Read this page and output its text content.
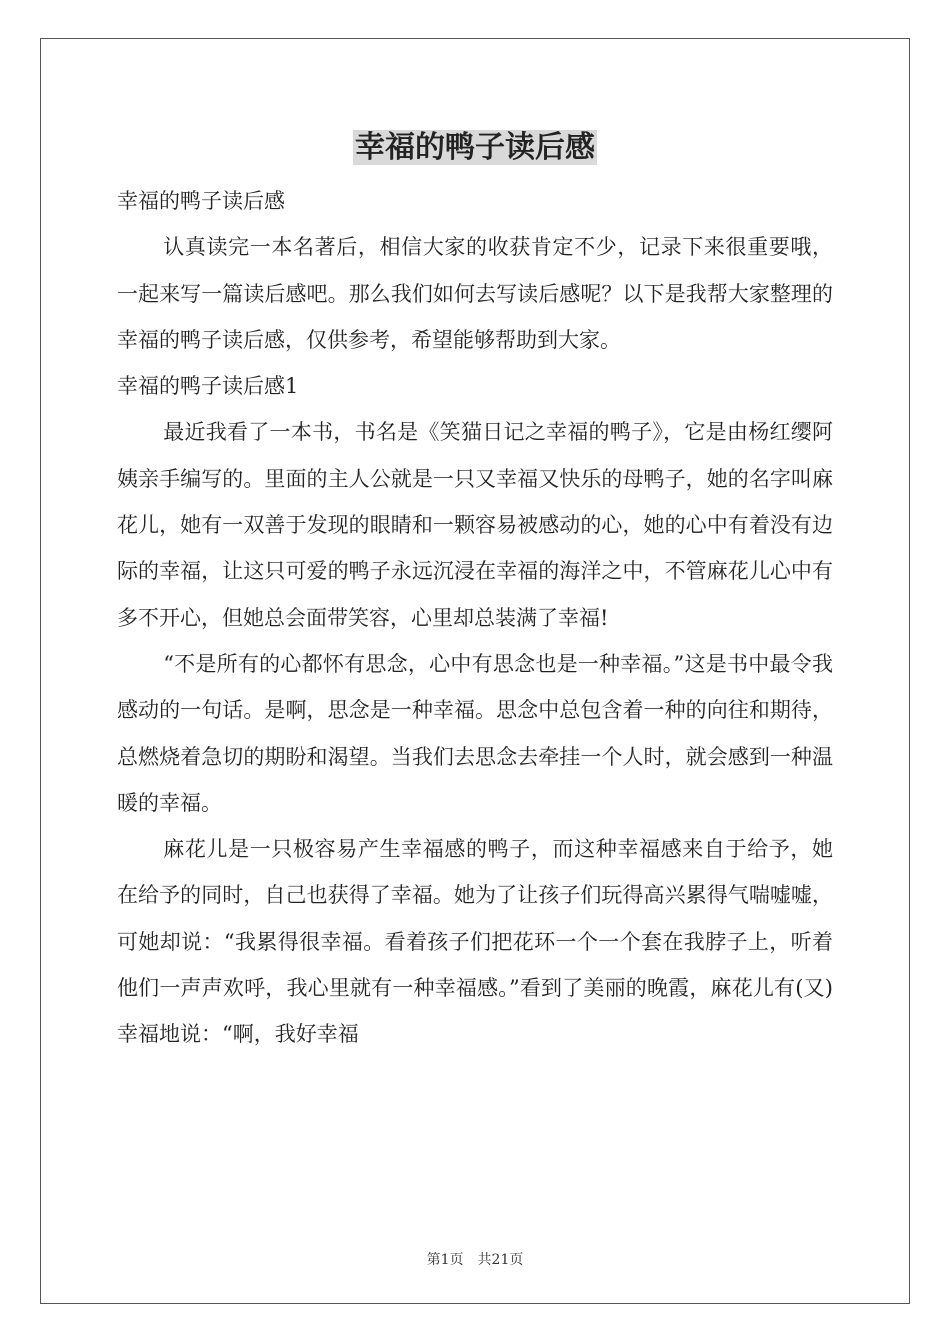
幸福的鸭子读后感

幸福的鸭子读后感

认真读完一本名著后，相信大家的收获肯定不少，记录下来很重要哦，一起来写一篇读后感吧。那么我们如何去写读后感呢？以下是我帮大家整理的幸福的鸭子读后感，仅供参考，希望能够帮助到大家。

幸福的鸭子读后感1

最近我看了一本书，书名是《笑猫日记之幸福的鸭子》，它是由杨红缨阿姨亲手编写的。里面的主人公就是一只又幸福又快乐的母鸭子，她的名字叫麻花儿，她有一双善于发现的眼睛和一颗容易被感动的心，她的心中有着没有边际的幸福，让这只可爱的鸭子永远沉浸在幸福的海洋之中，不管麻花儿心中有多不开心，但她总会面带笑容，心里却总装满了幸福!

“不是所有的心都怀有思念，心中有思念也是一种幸福。”这是书中最令我感动的一句话。是啊，思念是一种幸福。思念中总包含着一种的向往和期待，总燃烧着急切的期盼和渴望。当我们去思念去牵挂一个人时，就会感到一种温暖的幸福。

麻花儿是一只极容易产生幸福感的鸭子，而这种幸福感来自于给予，她在给予的同时，自己也获得了幸福。她为了让孩子们玩得高兴累得气喘嘘嘘，可她却说：“我累得很幸福。看着孩子们把花环一个一个套在我脖子上，听着他们一声声欢呼，我心里就有一种幸福感。”看到了美丽的晚霞，麻花儿有(又)幸福地说：“啊，我好幸福

第1页 共21页
